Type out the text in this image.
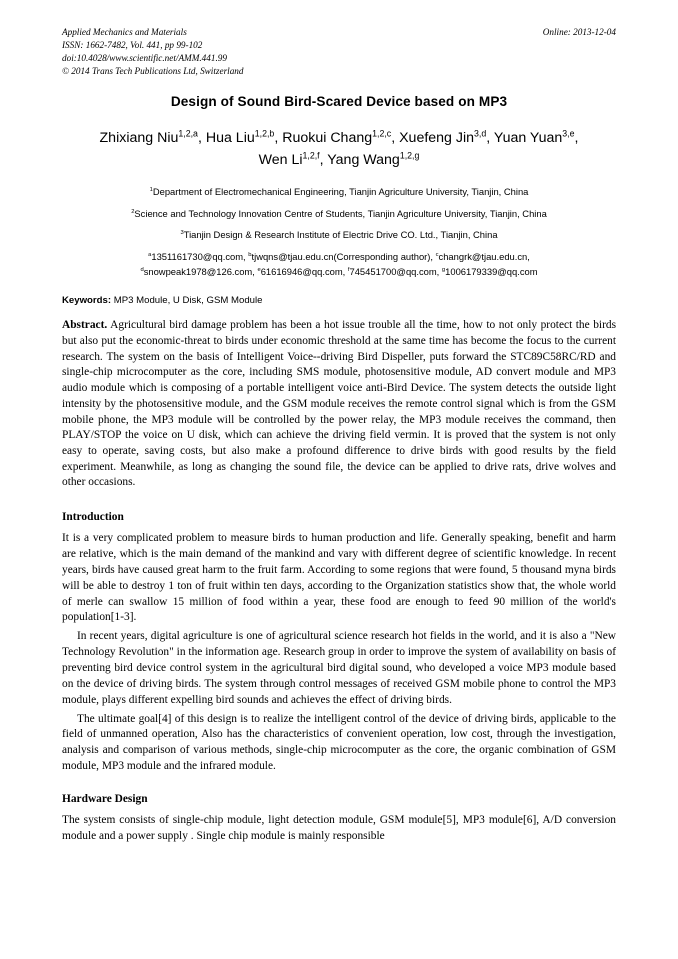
Online: 2013-12-04
Applied Mechanics and Materials
ISSN: 1662-7482, Vol. 441, pp 99-102
doi:10.4028/www.scientific.net/AMM.441.99
© 2014 Trans Tech Publications Ltd, Switzerland
Design of Sound Bird-Scared Device based on MP3
Zhixiang Niu$^{1,2,a}$, Hua Liu$^{1,2,b}$, Ruokui Chang$^{1,2,c}$, Xuefeng Jin$^{3,d}$, Yuan Yuan$^{3,e}$,
Wen Li$^{1,2,f}$, Yang Wang$^{1,2,g}$
$^1$Department of Electromechanical Engineering, Tianjin Agriculture University, Tianjin, China
$^2$Science and Technology Innovation Centre of Students, Tianjin Agriculture University, Tianjin, China
$^3$Tianjin Design & Research Institute of Electric Drive CO. Ltd., Tianjin, China
$^a$1351161730@qq.com, $^b$tjwqns@tjau.edu.cn(Corresponding author), $^c$changrk@tjau.edu.cn,
$^d$snowpeak1978@126.com, $^e$61616946@qq.com, $^f$745451700@qq.com, $^g$1006179339@qq.com
Keywords: MP3 Module, U Disk, GSM Module
Abstract. Agricultural bird damage problem has been a hot issue trouble all the time, how to not only protect the birds but also put the economic-threat to birds under economic threshold at the same time has become the focus to the current research. The system on the basis of Intelligent Voice--driving Bird Dispeller, puts forward the STC89C58RC/RD and single-chip microcomputer as the core, including SMS module, photosensitive module, AD convert module and MP3 audio module which is composing of a portable intelligent voice anti-Bird Device. The system detects the outside light intensity by the photosensitive module, and the GSM module receives the remote control signal which is from the GSM mobile phone, the MP3 module will be controlled by the power relay, the MP3 module receives the command, then PLAY/STOP the voice on U disk, which can achieve the driving field vermin. It is proved that the system is not only easy to operate, saving costs, but also make a profound difference to drive birds with good results by the field experiment. Meanwhile, as long as changing the sound file, the device can be applied to drive rats, drive wolves and other occasions.
Introduction

It is a very complicated problem to measure birds to human production and life. Generally speaking, benefit and harm are relative, which is the main demand of the mankind and vary with different degree of scientific knowledge. In recent years, birds have caused great harm to the fruit farm. According to some regions that were found, 5 thousand myna birds will be able to destroy 1 ton of fruit within ten days, according to the Organization statistics show that, the whole world of merle can swallow 15 million of food within a year, these food are enough to feed 90 million of the world's population[1-3].

In recent years, digital agriculture is one of agricultural science research hot fields in the world, and it is also a "New Technology Revolution" in the information age. Research group in order to improve the system of availability on basis of preventing bird device control system in the agricultural bird digital sound, who developed a voice MP3 module based on the device of driving birds. The system through control messages of received GSM mobile phone to control the MP3 module, plays different expelling bird sounds and achieves the effect of driving birds.

The ultimate goal[4] of this design is to realize the intelligent control of the device of driving birds, applicable to the field of unmanned operation, Also has the characteristics of convenient operation, low cost, through the investigation, analysis and comparison of various methods, single-chip microcomputer as the core, the organic combination of GSM module, MP3 module and the infrared module.

Hardware Design

The system consists of single-chip module, light detection module, GSM module[5], MP3 module[6], A/D conversion module and a power supply . Single chip module is mainly responsible
